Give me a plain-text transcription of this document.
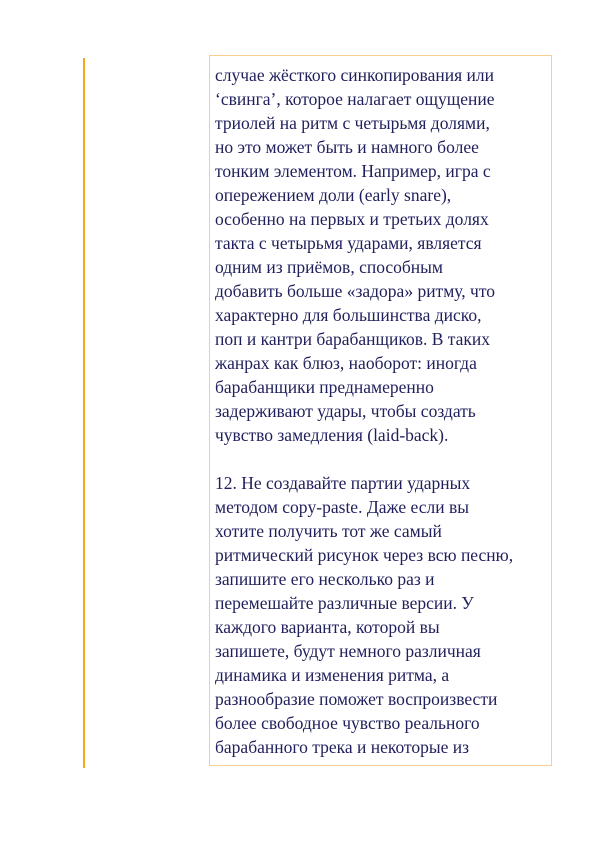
случае жёсткого синкопирования или
‘свинга’, которое налагает ощущение
триолей на ритм с четырьмя долями,
но это может быть и намного более
тонким элементом. Например, игра с
опережением доли (early snare),
особенно на первых и третьих долях
такта с четырьмя ударами, является
одним из приёмов, способным
добавить больше «задора» ритму, что
характерно для большинства диско,
поп и кантри барабанщиков. В таких
жанрах как блюз, наоборот: иногда
барабанщики преднамеренно
задерживают удары, чтобы создать
чувство замедления (laid-back).

12. Не создавайте партии ударных
методом copy-paste. Даже если вы
хотите получить тот же самый
ритмический рисунок через всю песню,
запишите его несколько раз и
перемешайте различные версии. У
каждого варианта, которой вы
запишете, будут немного различная
динамика и изменения ритма, а
разнообразие поможет воспроизвести
более свободное чувство реального
барабанного трека и некоторые из
